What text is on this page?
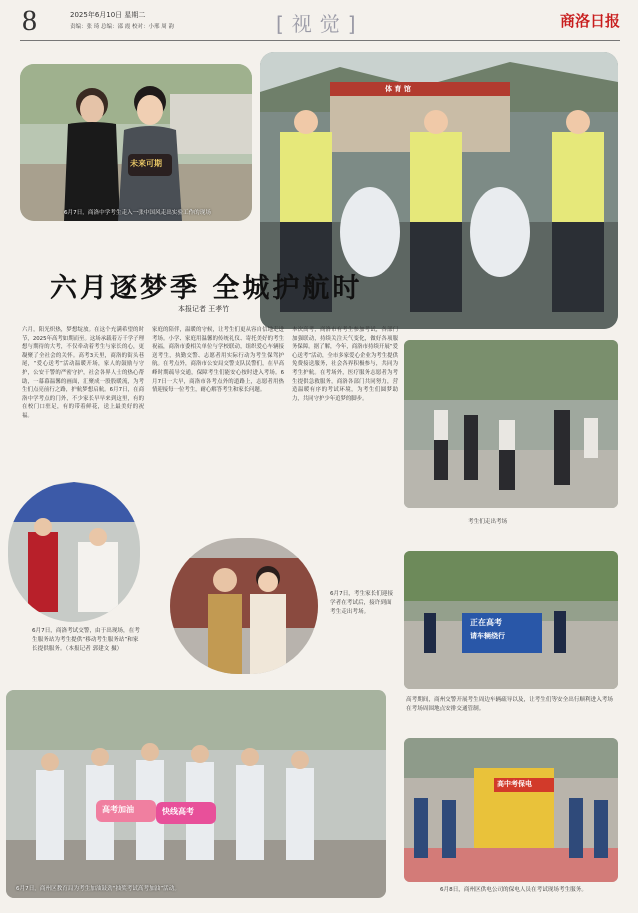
8	2025年6月10日 星期二
责编：张 琦 总编：邵 霞 校对：小邢 周 韵	[视觉]	商洛日报
未来可期
6月7日，商洛中学考生走入一张中国风走出实验工作的现场
体 育 馆
六月逐梦季 全城护航时
本报记者 王孝竹
六月，阳光炽热，梦想绽放。在这个充满希望的时节，2025年高考如期而至。这场承载着万千学子理想与期待的大考，不仅牵动着考生与家长的心，更凝聚了全社会的关怀。高考3天里，商洛的街头巷尾，“爱心送考”活动温暖开场，家人的鼓励与守护，公安干警的严密守护，社会各界人士的热心帮助，一幕幕温馨的画面，汇聚成一股股暖流，为考生们点亮前行之路，护航梦想启航。6月7日，在商洛中学考点的门外，不少家长早早来到这里，有的在校门口驻足，有的带着鲜花，送上最美好的祝福。
家庭的陪伴，温暖的守候，让考生们更从容自信地走进考场。小学、家庭用温馨的传统礼仪、寄托美好的考生祝福，商洛市委相关单位与学校联动，组织爱心车辆接送考生，执勤交警、志愿者用实际行动为考生保驾护航。在考点外，商洛市公安局交警支队民警们，在早高峰时期疏导交通，保障考生们能安心按时进入考场。6月7日一大早，商洛市各考点外的道路上，志愿者用热情迎接每一位考生，耐心解答考生和家长问题。
本次高考，商洛市有考生参加考试，各部门加强联动，持续关注天气变化，做好各项服务保障。据了解，今年，商洛市持续开展“爱心送考”活动，全市多家爱心企业为考生提供免费接送服务，社会各界积极参与，共同为考生护航。在考场外，医疗服务志愿者为考生提供急救服务，商洛各部门共同努力，营造温暖有序的考试环境，为考生们圆梦助力，共同守护少年追梦的脚步。
考生们走出考场
6月7日，商洛考试交警，由于出现场，在考生服务站为考生提供“移动考生服务站”和家长提供服务。（本报记者 郭建文 摄）
6月7日，考生家长们迎接学者在考试后，接许到面考生走出考场。
正在高考
请车辆绕行
高考期间，商州交警开展考生周边车辆疏导以及，让考生们等安全出行顺利进入考场在考场周围地点安排交通管制。
高考加油	快线高考
6月7日，商州区教育局为考生加油鼓劲“抽奖考试高考加油”活动。
高中考保电
6月8日，商州区供电公司的保电人员在考试现场考生服务。
